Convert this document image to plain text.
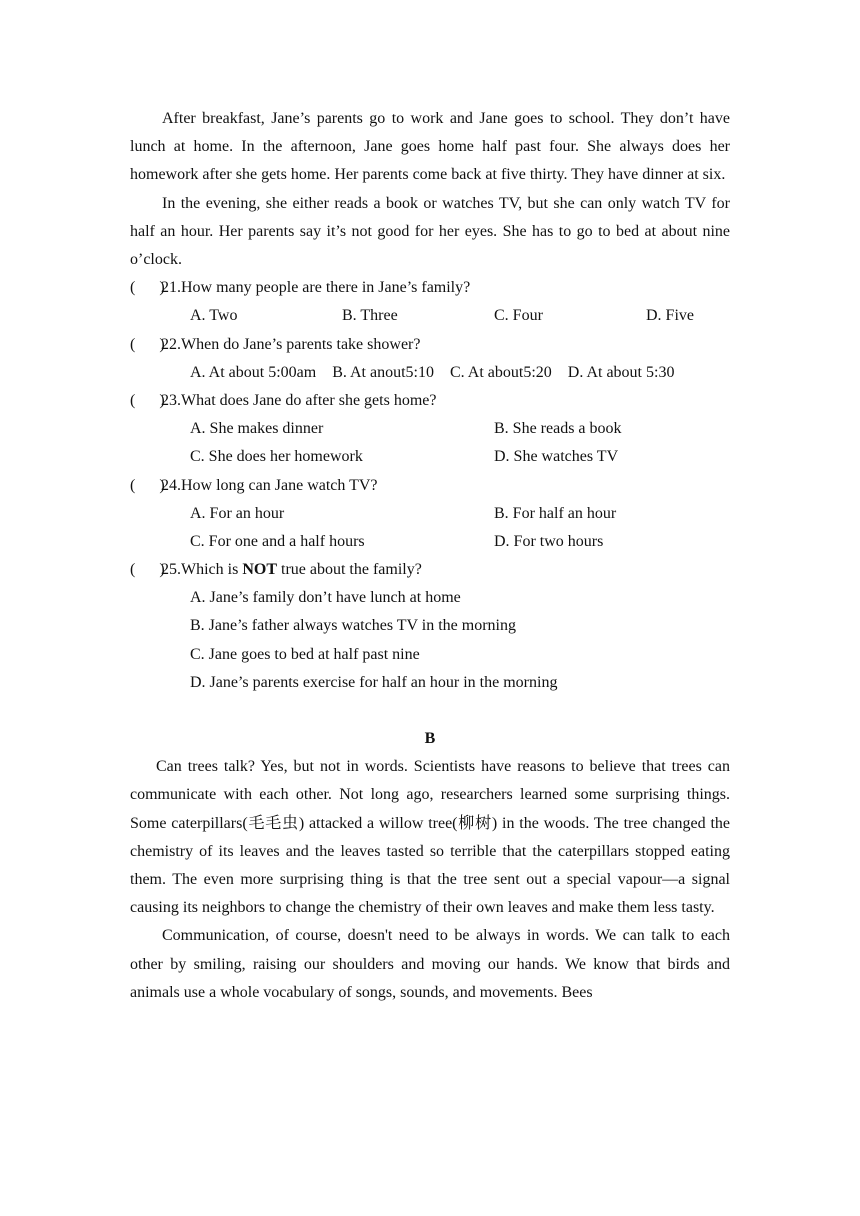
After breakfast, Jane’s parents go to work and Jane goes to school. They don’t have lunch at home. In the afternoon, Jane goes home half past four. She always does her homework after she gets home. Her parents come back at five thirty. They have dinner at six.

In the evening, she either reads a book or watches TV, but she can only watch TV for half an hour. Her parents say it’s not good for her eyes. She has to go to bed at about nine o’clock.

(      )
21.How many people are there in Jane’s family?
A. Two	B. Three	C. Four	D. Five
(      )
22.When do Jane’s parents take shower?
A. At about 5:00am    B. At anout5:10    C. At about5:20    D. At about 5:30
(      )
23.What does Jane do after she gets home?
A. She makes dinner	B. She reads a book
C. She does her homework	D. She watches TV
(      )
24.How long can Jane watch TV?
A. For an hour	B. For half an hour
C. For one and a half hours	D. For two hours
(      )
25.Which is NOT true about the family?
A. Jane’s family don’t have lunch at home
B. Jane’s father always watches TV in the morning
C. Jane goes to bed at half past nine
D. Jane’s parents exercise for half an hour in the morning
B

Can trees talk? Yes, but not in words. Scientists have reasons to believe that trees can communicate with each other. Not long ago, researchers learned some surprising things. Some caterpillars(毛毛虫) attacked a willow tree(柳树) in the woods. The tree changed the chemistry of its leaves and the leaves tasted so terrible that the caterpillars stopped eating them. The even more surprising thing is that the tree sent out a special vapour—a signal causing its neighbors to change the chemistry of their own leaves and make them less tasty.

Communication, of course, doesn't need to be always in words. We can talk to each other by smiling, raising our shoulders and moving our hands. We know that birds and animals use a whole vocabulary of songs, sounds, and movements. Bees
